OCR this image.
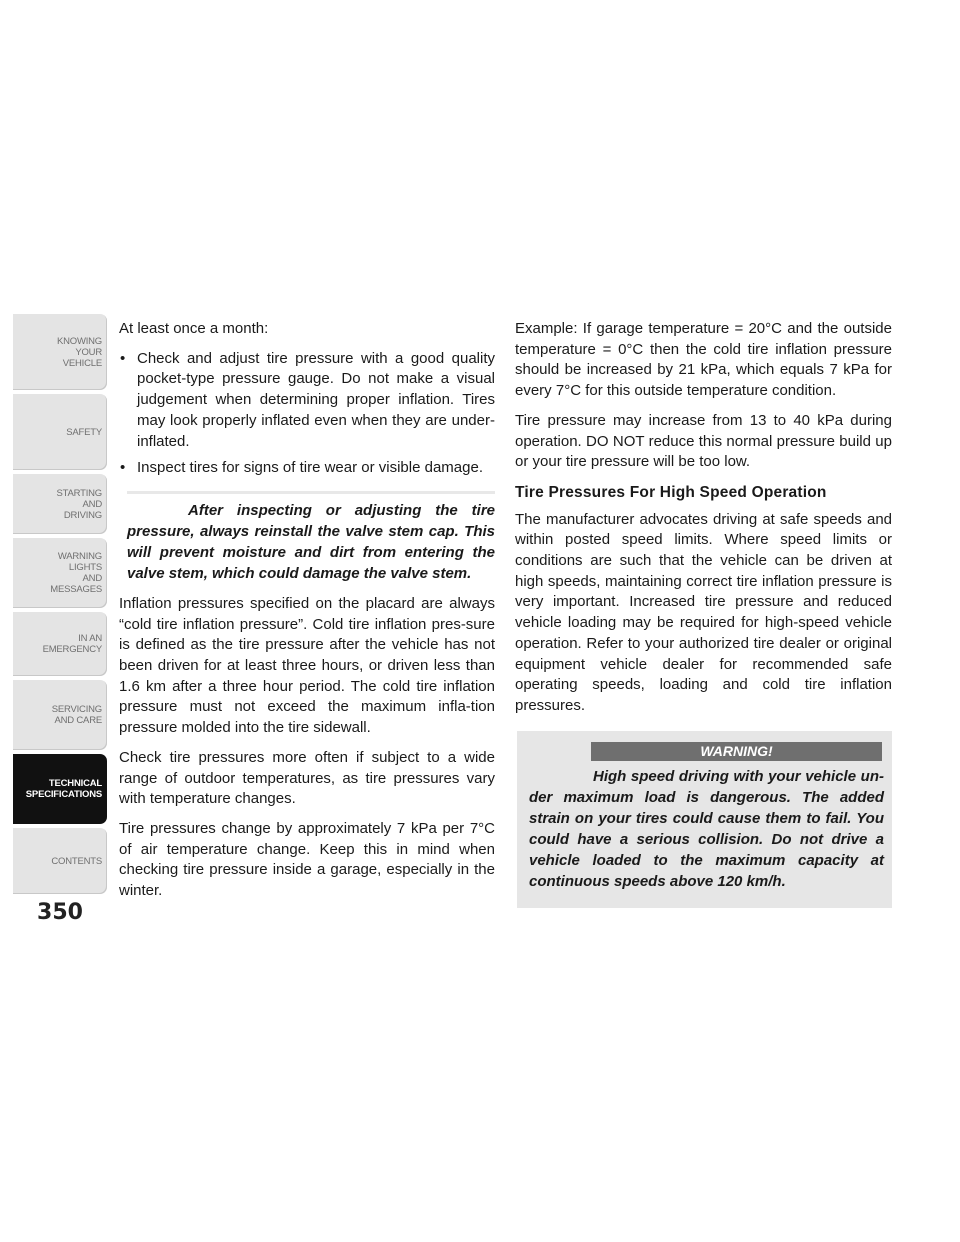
KNOWING
YOUR
VEHICLE
SAFETY
STARTING
AND
DRIVING
WARNING
LIGHTS
AND
MESSAGES
IN AN
EMERGENCY
SERVICING
AND CARE
TECHNICAL
SPECIFICATIONS
CONTENTS
350

At least once a month:

• Check and adjust tire pressure with a good quality pocket-type pressure gauge. Do not make a visual judgement when determining proper inflation. Tires may look properly inflated even when they are under-inflated.
• Inspect tires for signs of tire wear or visible damage.
After inspecting or adjusting the tire pressure, always reinstall the valve stem cap. This will prevent moisture and dirt from entering the valve stem, which could damage the valve stem.

Inflation pressures specified on the placard are always “cold tire inflation pressure”. Cold tire inflation pres-sure is defined as the tire pressure after the vehicle has not been driven for at least three hours, or driven less than 1.6 km after a three hour period. The cold tire inflation pressure must not exceed the maximum infla-tion pressure molded into the tire sidewall.

Check tire pressures more often if subject to a wide range of outdoor temperatures, as tire pressures vary with temperature changes.

Tire pressures change by approximately 7 kPa per 7°C of air temperature change. Keep this in mind when checking tire pressure inside a garage, especially in the winter.

Example: If garage temperature = 20°C and the outside temperature = 0°C then the cold tire inflation pressure should be increased by 21 kPa, which equals 7 kPa for every 7°C for this outside temperature condition.

Tire pressure may increase from 13 to 40 kPa during operation. DO NOT reduce this normal pressure build up or your tire pressure will be too low.

Tire Pressures For High Speed Operation

The manufacturer advocates driving at safe speeds and within posted speed limits. Where speed limits or conditions are such that the vehicle can be driven at high speeds, maintaining correct tire inflation pressure is very important. Increased tire pressure and reduced vehicle loading may be required for high-speed vehicle operation. Refer to your authorized tire dealer or original equipment vehicle dealer for recommended safe operating speeds, loading and cold tire inflation pressures.

WARNING!
High speed driving with your vehicle un-der maximum load is dangerous. The added strain on your tires could cause them to fail. You could have a serious collision. Do not drive a vehicle loaded to the maximum capacity at continuous speeds above 120 km/h.
